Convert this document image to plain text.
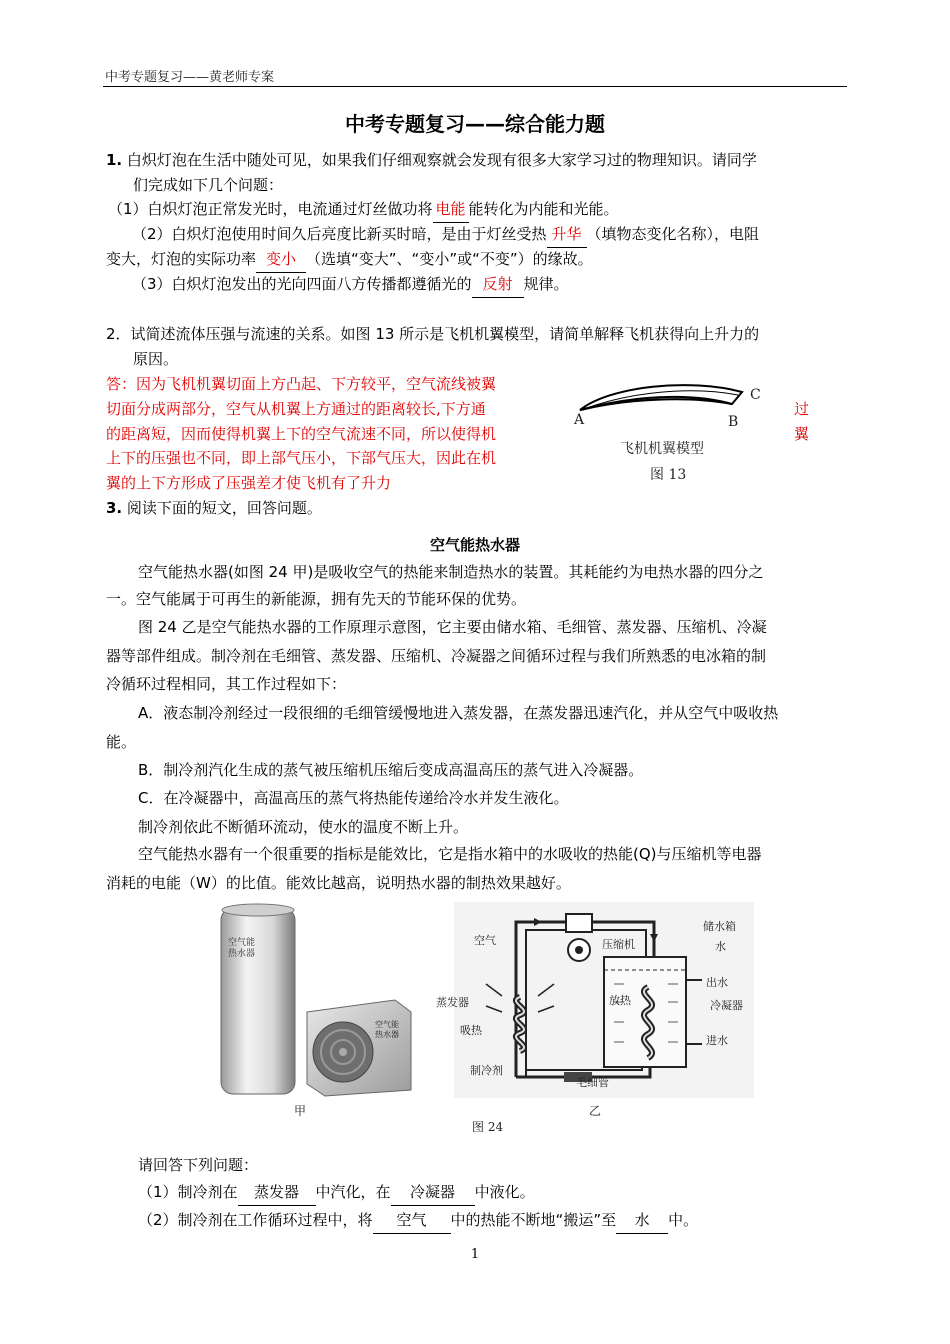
中考专题复习——黄老师专案
中考专题复习——综合能力题
1. 白炽灯泡在生活中随处可见，如果我们仔细观察就会发现有很多大家学习过的物理知识。请同学
们完成如下几个问题：
（1）白炽灯泡正常发光时，电流通过灯丝做功将 电能 能转化为内能和光能。
（2）白炽灯泡使用时间久后亮度比新买时暗，是由于灯丝受热 升华 （填物态变化名称），电阻
变大，灯泡的实际功率 变小 （选填“变大”、“变小”或“不变”）的缘故。
（3）白炽灯泡发出的光向四面八方传播都遵循光的 反射 规律。
2．试简述流体压强与流速的关系。如图 13 所示是飞机机翼模型，请简单解释飞机获得向上升力的
原因。
答：因为飞机机翼切面上方凸起、下方较平，空气流线被翼
切面分成两部分，空气从机翼上方通过的距离较长,下方通
的距离短，因而使得机翼上下的空气流速不同，所以使得机
上下的压强也不同，即上部气压小，下部气压大，因此在机
翼的上下方形成了压强差才使飞机有了升力
过
翼
A	B
C
飞机机翼模型
图 13
3. 阅读下面的短文，回答问题。
空气能热水器
空气能热水器(如图 24 甲)是吸收空气的热能来制造热水的装置。其耗能约为电热水器的四分之
一。空气能属于可再生的新能源，拥有先天的节能环保的优势。
图 24 乙是空气能热水器的工作原理示意图，它主要由储水箱、毛细管、蒸发器、压缩机、冷凝
器等部件组成。制冷剂在毛细管、蒸发器、压缩机、冷凝器之间循环过程与我们所熟悉的电冰箱的制
冷循环过程相同，其工作过程如下：
A．液态制冷剂经过一段很细的毛细管缓慢地进入蒸发器，在蒸发器迅速汽化，并从空气中吸收热
能。
B．制冷剂汽化生成的蒸气被压缩机压缩后变成高温高压的蒸气进入冷凝器。
C．在冷凝器中，高温高压的蒸气将热能传递给冷水并发生液化。
制冷剂依此不断循环流动，使水的温度不断上升。
空气能热水器有一个很重要的指标是能效比，它是指水箱中的水吸收的热能(Q)与压缩机等电器
消耗的电能（W）的比值。能效比越高，说明热水器的制热效果越好。
空气能
热水器
空气能
热水器
甲
空气	压缩机
储水箱
水
出水
蒸发器	放热	冷凝器
吸热
进水
制冷剂
毛细管
乙
图 24
请回答下列问题：
（1）制冷剂在 蒸发器 中汽化，在 冷凝器 中液化。
（2）制冷剂在工作循环过程中，将 空气 中的热能不断地“搬运”至 水 中。
1
